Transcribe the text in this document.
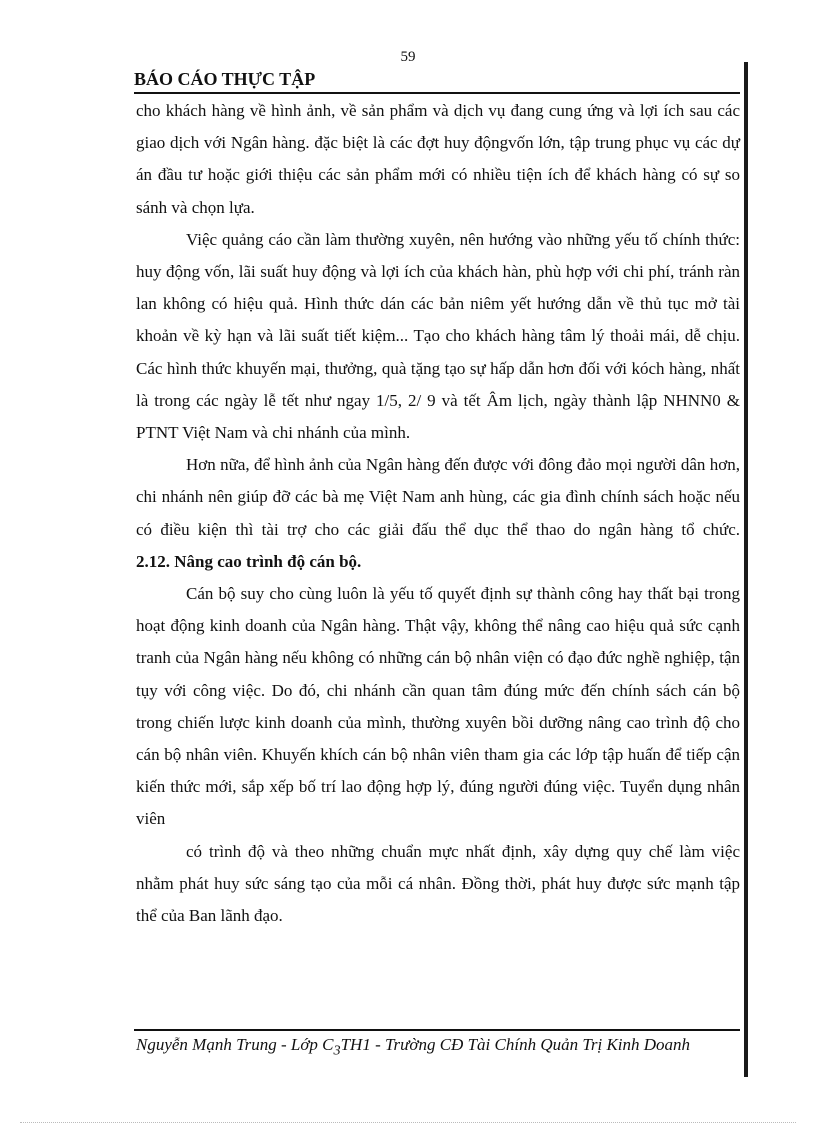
59
BÁO CÁO THỰC TẬP

cho khách hàng về hình ảnh, về sản phẩm và dịch vụ đang cung ứng và lợi ích sau các giao dịch với Ngân hàng. đặc biệt là các đợt huy độngvốn lớn, tập trung phục vụ các dự án đầu tư hoặc giới thiệu các sản phẩm mới có nhiều tiện ích để khách hàng có sự so sánh và chọn lựa.

Việc quảng cáo cần làm thường xuyên, nên hướng vào những yếu tố chính thức: huy động vốn, lãi suất huy động và lợi ích của khách hàn, phù hợp với chi phí, tránh ràn lan không có hiệu quả. Hình thức dán các bản niêm yết hướng dẫn về thủ tục mở tài khoản về kỳ hạn và lãi suất tiết kiệm... Tạo cho khách hàng tâm lý thoải mái, dễ chịu. Các hình thức khuyến mại, thưởng, quà tặng tạo sự hấp dẫn hơn đối với kóch hàng, nhất là trong các ngày lễ tết như ngay 1/5, 2/ 9 và tết Âm lịch, ngày thành lập NHNN0 & PTNT Việt Nam và chi nhánh của mình.

Hơn nữa, để hình ảnh của Ngân hàng đến được với đông đảo mọi người dân hơn, chi nhánh nên giúp đỡ các bà mẹ Việt Nam anh hùng, các gia đình chính sách hoặc nếu có điều kiện thì tài trợ cho các giải đấu thể dục thể thao do ngân hàng tổ chức.

2.12. Nâng cao trình độ cán bộ.

Cán bộ suy cho cùng luôn là yếu tố quyết định sự thành công hay thất bại trong hoạt động kinh doanh của Ngân hàng. Thật vậy, không thể nâng cao hiệu quả sức cạnh tranh của Ngân hàng nếu không có những cán bộ nhân viện có đạo đức nghề nghiệp, tận tụy với công việc. Do đó, chi nhánh cần quan tâm đúng mức đến chính sách cán bộ trong chiến lược kinh doanh của mình, thường xuyên bồi dưỡng nâng cao trình độ cho cán bộ nhân viên. Khuyến khích cán bộ nhân viên tham gia các lớp tập huấn để tiếp cận kiến thức mới, sắp xếp bố trí lao động hợp lý, đúng người đúng việc. Tuyển dụng nhân viên

có trình độ và theo những chuẩn mực nhất định, xây dựng quy chế làm việc nhằm phát huy sức sáng tạo của mỗi cá nhân. Đồng thời, phát huy được sức mạnh tập thể của Ban lãnh đạo.

Nguyễn Mạnh Trung - Lớp $C_3TH1$ - Trường CĐ Tài Chính Quản Trị Kinh Doanh
